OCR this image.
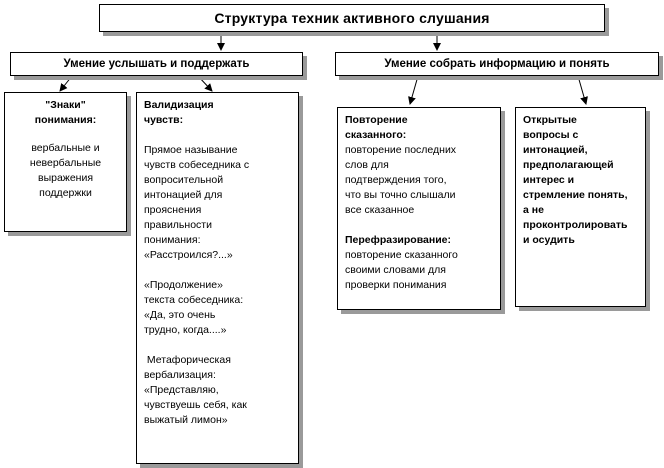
Структура техник активного слушания
Умение услышать и поддержать	Умение собрать информацию и понять
"Знаки"
понимания:
вербальные и
невербальные
выражения
поддержки
Валидизация
чувств:
Прямое называние
чувств собеседника с
вопросительной
интонацией для
прояснения
правильности
понимания:
«Расстроился?...»
«Продолжение»
текста собеседника:
«Да, это очень
трудно, когда....»
Метафорическая
вербализация:
«Представляю,
чувствуешь себя, как
выжатый лимон»
Повторение
сказанного:
повторение последних
слов для
подтверждения того,
что вы точно слышали
все сказанное
Перефразирование:
повторение сказанного
своими словами для
проверки понимания
Открытые
вопросы с
интонацией,
предполагающей
интерес и
стремление понять,
а не
проконтролировать
и осудить
